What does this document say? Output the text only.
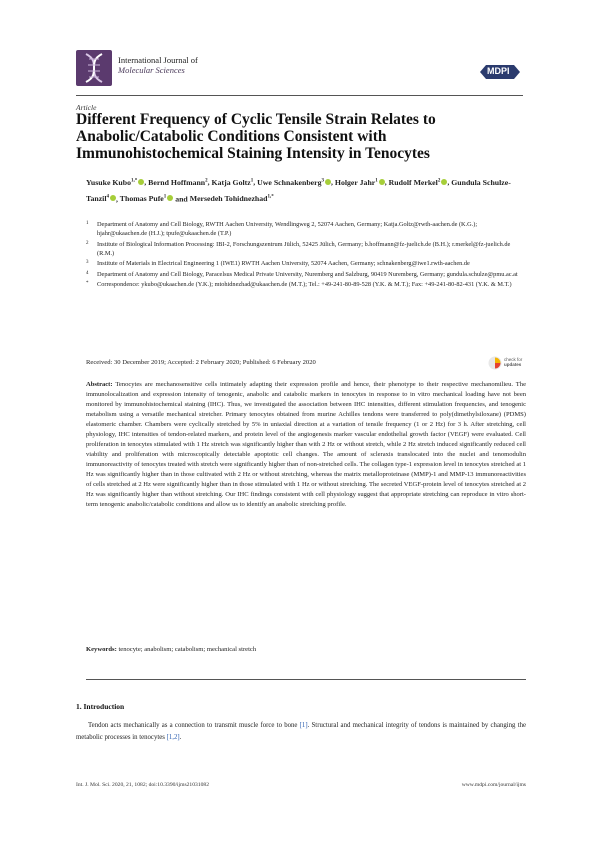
International Journal of
Molecular Sciences	MDPI
Article
Different Frequency of Cyclic Tensile Strain Relates to Anabolic/Catabolic Conditions Consistent with Immunohistochemical Staining Intensity in Tenocytes
Yusuke Kubo$^{1,*}$ , Bernd Hoffmann$^2$, Katja Goltz$^1$, Uwe Schnakenberg$^3$ , Holger Jahr$^1$ , Rudolf Merkel$^2$ , Gundula Schulze-Tanzil$^4$ , Thomas Pufe$^1$ and Mersedeh Tohidnezhad$^{1,*}$
1 Department of Anatomy and Cell Biology, RWTH Aachen University, Wendlingweg 2, 52074 Aachen, Germany; Katja.Goltz@rwth-aachen.de (K.G.); hjahr@ukaachen.de (H.J.); tpufe@ukaachen.de (T.P.)
2 Institute of Biological Information Processing: IBI-2, Forschungszentrum Jülich, 52425 Jülich, Germany; b.hoffmann@fz-juelich.de (B.H.); r.merkel@fz-juelich.de (R.M.)
3 Institute of Materials in Electrical Engineering 1 (IWE1) RWTH Aachen University, 52074 Aachen, Germany; schnakenberg@iwe1.rwth-aachen.de
4 Department of Anatomy and Cell Biology, Paracelsus Medical Private University, Nuremberg and Salzburg, 90419 Nuremberg, Germany; gundula.schulze@pmu.ac.at
* Correspondence: ykubo@ukaachen.de (Y.K.); mtohidnezhad@ukaachen.de (M.T.); Tel.: +49-241-80-89-528 (Y.K. & M.T.); Fax: +49-241-80-82-431 (Y.K. & M.T.)
check for
updates
Received: 30 December 2019; Accepted: 2 February 2020; Published: 6 February 2020
Abstract: Tenocytes are mechanosensitive cells intimately adapting their expression profile and hence, their phenotype to their respective mechanomilieu. The immunolocalization and expression intensity of tenogenic, anabolic and catabolic markers in tenocytes in response to in vitro mechanical loading have not been monitored by immunohistochemical staining (IHC). Thus, we investigated the association between IHC intensities, different stimulation frequencies, and tenogenic metabolism using a versatile mechanical stretcher. Primary tenocytes obtained from murine Achilles tendons were transferred to poly(dimethylsiloxane) (PDMS) elastomeric chamber. Chambers were cyclically stretched by 5% in uniaxial direction at a variation of tensile frequency (1 or 2 Hz) for 3 h. After stretching, cell physiology, IHC intensities of tendon-related markers, and protein level of the angiogenesis marker vascular endothelial growth factor (VEGF) were evaluated. Cell proliferation in tenocytes stimulated with 1 Hz stretch was significantly higher than with 2 Hz or without stretch, while 2 Hz stretch induced significantly reduced cell viability and proliferation with microscopically detectable apoptotic cell changes. The amount of scleraxis translocated into the nuclei and tenomodulin immunoreactivity of tenocytes treated with stretch were significantly higher than of non-stretched cells. The collagen type-1 expression level in tenocytes stretched at 1 Hz was significantly higher than in those cultivated with 2 Hz or without stretching, whereas the matrix metalloproteinase (MMP)-1 and MMP-13 immunoreactivities of cells stretched at 2 Hz were significantly higher than in those stimulated with 1 Hz or without stretching. The secreted VEGF-protein level of tenocytes stretched at 2 Hz was significantly higher than without stretching. Our IHC findings consistent with cell physiology suggest that appropriate stretching can reproduce in vitro short-term tenogenic anabolic/catabolic conditions and allow us to identify an anabolic stretching profile.
Keywords: tenocyte; anabolism; catabolism; mechanical stretch
1. Introduction
Tendon acts mechanically as a connection to transmit muscle force to bone [1]. Structural and mechanical integrity of tendons is maintained by changing the metabolic processes in tenocytes [1,2].
Int. J. Mol. Sci. 2020, 21, 1082; doi:10.3390/ijms21031082	www.mdpi.com/journal/ijms
